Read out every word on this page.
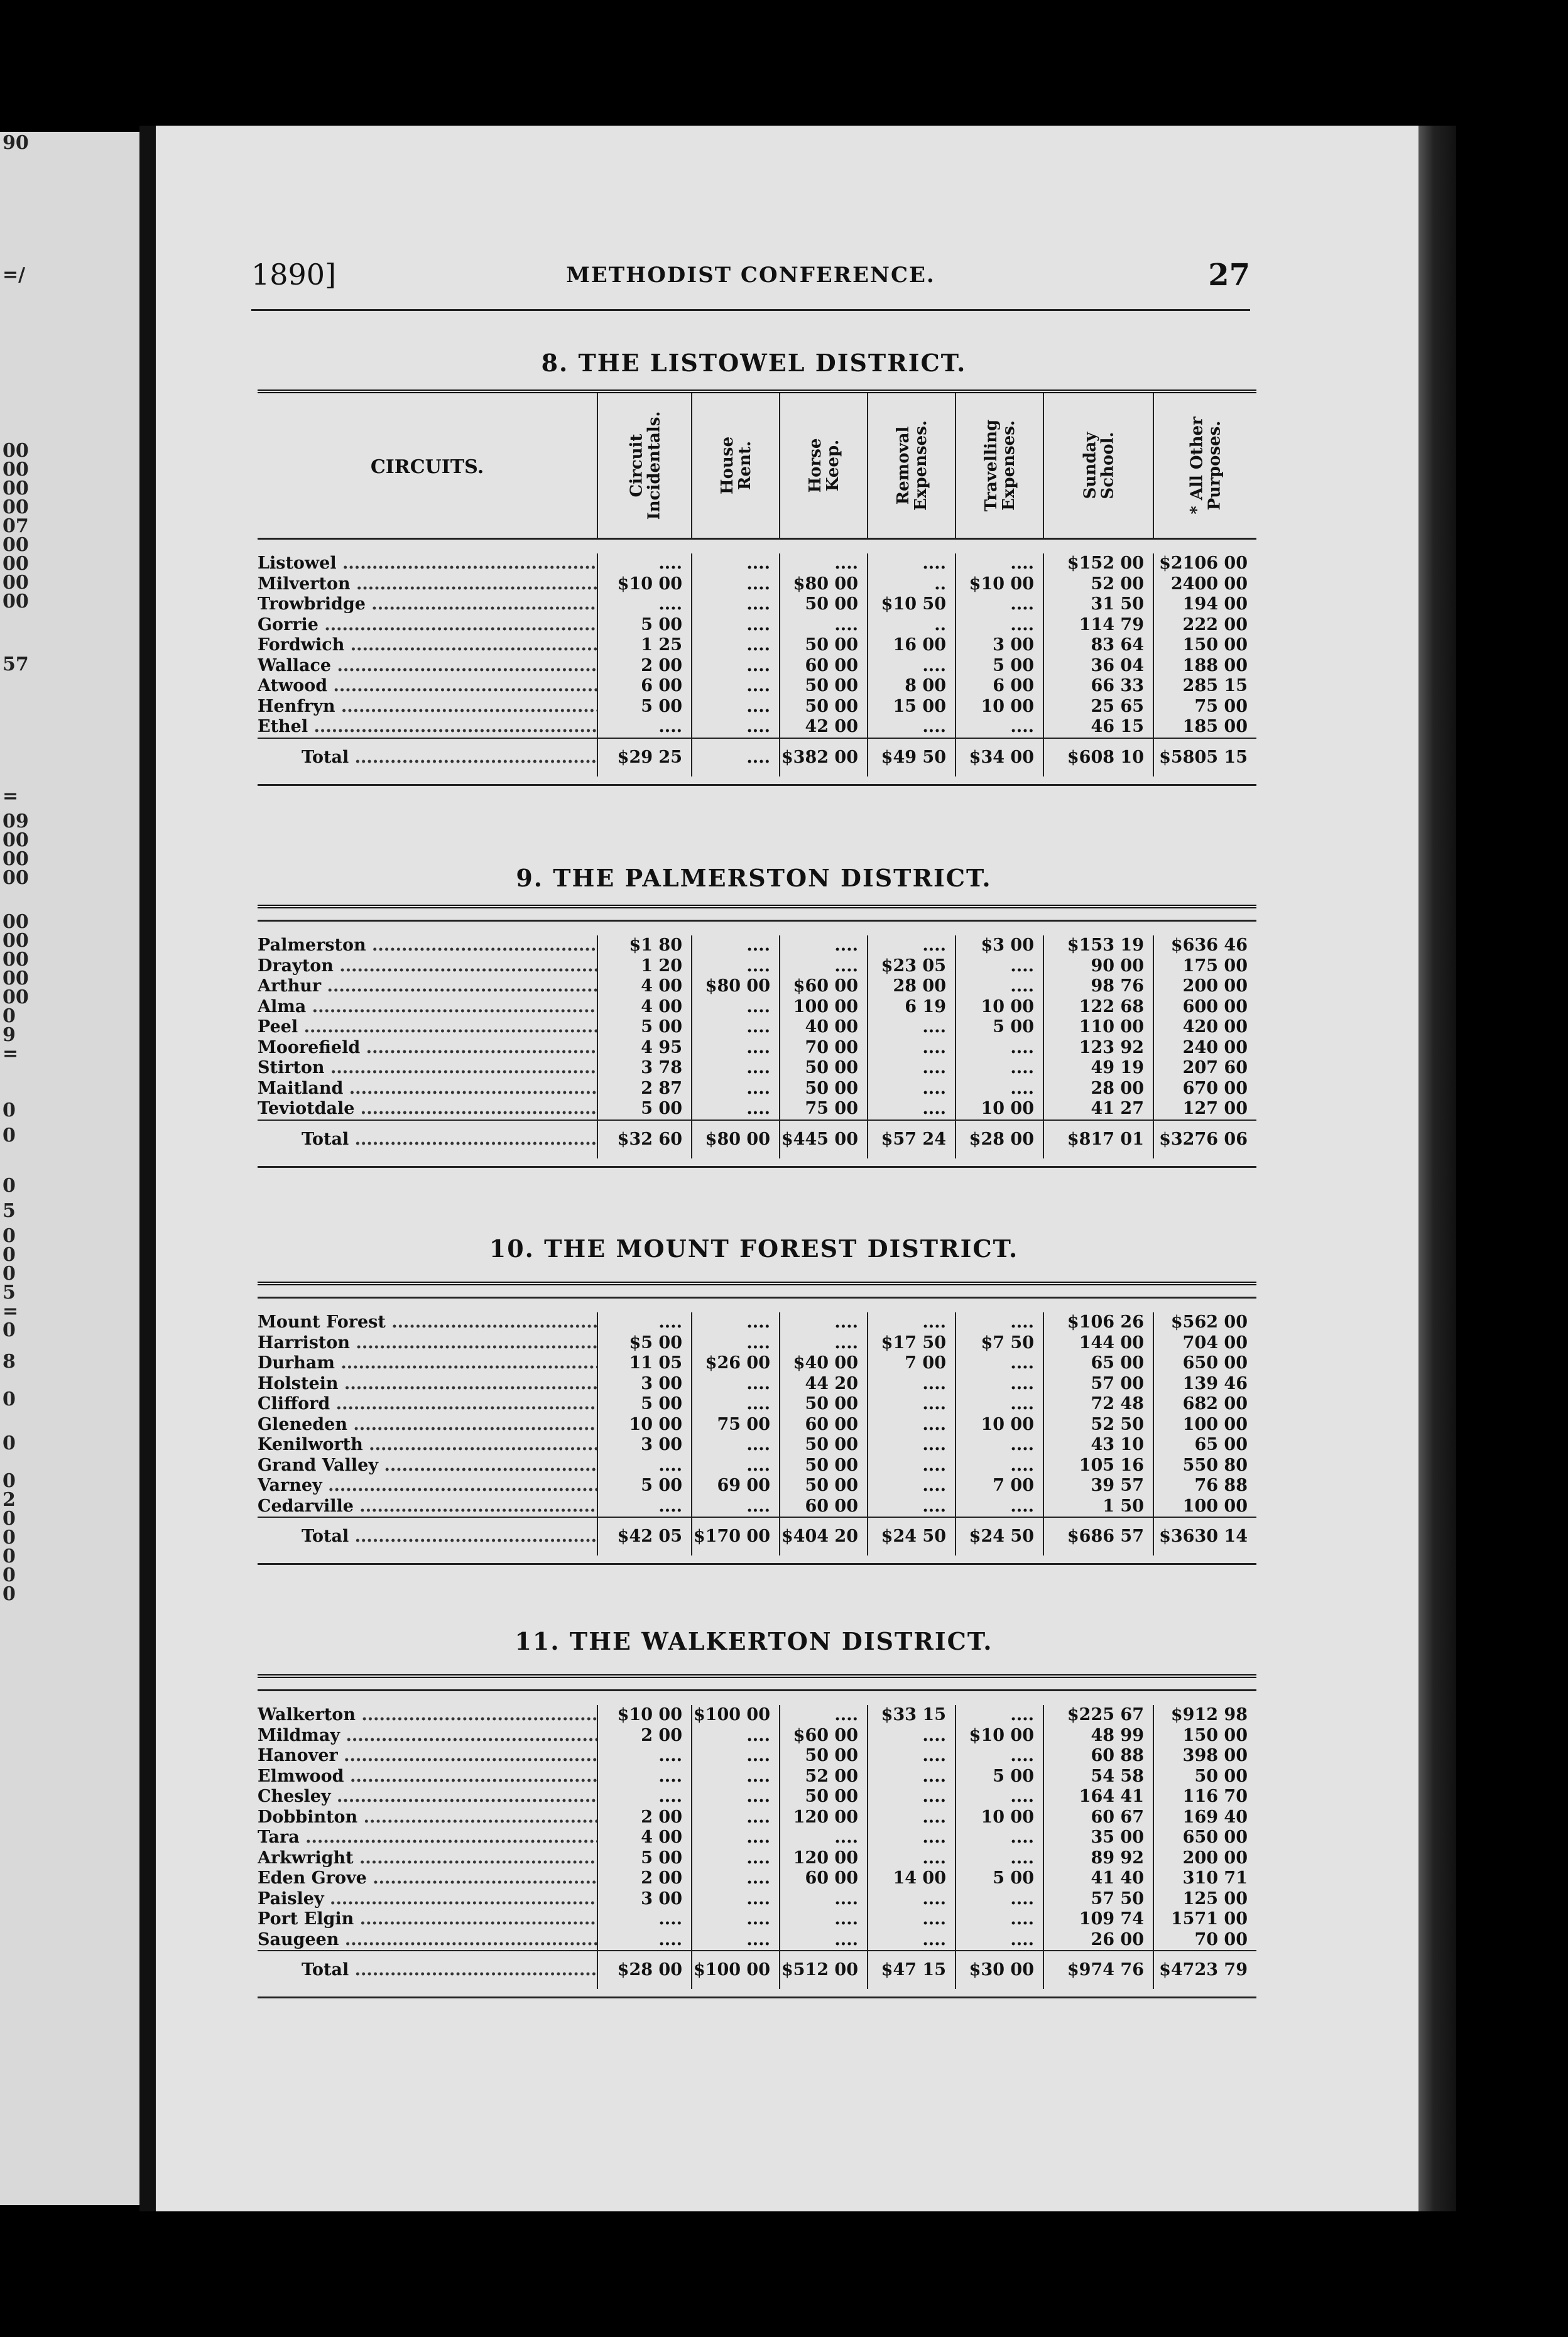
90
=/
00
00
00
00
07
00
00
00
00
57
=
09
00
00
00
00
00
00
00
00
0
9
=
0
0
0
5
0
0
0
5
=
0
8
0
0
0
2
0
0
0
0
0
1890]	METHODIST CONFERENCE.	27
8. THE LISTOWEL DISTRICT.
CIRCUITS.	Circuit
Incidentals.	House Rent.	Horse Keep.	Removal
Expenses.	Travelling
Expenses.	Sunday
School.
* All Other
Purposes.
Listowel .....	....	....	....	....	....	$152 00 $2106 00
Milverton .....	$10 00	....	$80 00	..	$10 00	52 00	2400 00
Trowbridge .....	....	....	50 00	$10 50	....	31 50	194 00
Gorrie .....	5 00	....	....	..	....	114 79	222 00
Fordwich .....	1 25	....	50 00	16 00	3 00	83 64	150 00
Wallace .....	2 00	....	60 00	....	5 00	36 04	188 00
Atwood .....	6 00	....	50 00	8 00	6 00	66 33	285 15
Henfryn .....	5 00	....	50 00	15 00	10 00	25 65	75 00
Ethel .....	....	....	42 00	....	....	46 15	185 00
Total .....	$29 25	.... $382 00	$49 50	$34 00	$608 10 $5805 15
9. THE PALMERSTON DISTRICT.
Palmerston .....	$1 80	....	....	....	$3 00	$153 19	$636 46
Drayton .....	1 20	....	....	$23 05	....	90 00	175 00
Arthur .....	4 00	$80 00	$60 00	28 00	....	98 76	200 00
Alma .....	4 00	....	100 00	6 19	10 00	122 68	600 00
Peel .....	5 00	....	40 00	....	5 00	110 00	420 00
Moorefield .....	4 95	....	70 00	....	....	123 92	240 00
Stirton .....	3 78	....	50 00	....	....	49 19	207 60
Maitland .....	2 87	....	50 00	....	....	28 00	670 00
Teviotdale .....	5 00	....	75 00	....	10 00	41 27	127 00
Total .....	$32 60	$80 00 $445 00	$57 24	$28 00	$817 01 $3276 06
10. THE MOUNT FOREST DISTRICT.
Mount Forest .....	....	....	....	....	....	$106 26	$562 00
Harriston .....	$5 00	....	....	$17 50	$7 50	144 00	704 00
Durham .....	11 05	$26 00	$40 00	7 00	....	65 00	650 00
Holstein .....	3 00	....	44 20	....	....	57 00	139 46
Clifford .....	5 00	....	50 00	....	....	72 48	682 00
Gleneden .....	10 00	75 00	60 00	....	10 00	52 50	100 00
Kenilworth .....	3 00	....	50 00	....	....	43 10	65 00
Grand Valley .....	....	....	50 00	....	....	105 16	550 80
Varney .....	5 00	69 00	50 00	....	7 00	39 57	76 88
Cedarville .....	....	....	60 00	....	....	1 50	100 00
Total .....	$42 05 $170 00 $404 20	$24 50	$24 50	$686 57 $3630 14
11. THE WALKERTON DISTRICT.
Walkerton .....	$10 00 $100 00	....	$33 15	....	$225 67	$912 98
Mildmay .....	2 00	....	$60 00	....	$10 00	48 99	150 00
Hanover .....	....	....	50 00	....	....	60 88	398 00
Elmwood .....	....	....	52 00	....	5 00	54 58	50 00
Chesley .....	....	....	50 00	....	....	164 41	116 70
Dobbinton .....	2 00	....	120 00	....	10 00	60 67	169 40
Tara .....	4 00	....	....	....	....	35 00	650 00
Arkwright .....	5 00	....	120 00	....	....	89 92	200 00
Eden Grove .....	2 00	....	60 00	14 00	5 00	41 40	310 71
Paisley .....	3 00	....	....	....	....	57 50	125 00
Port Elgin .....	....	....	....	....	....	109 74	1571 00
Saugeen .....	....	....	....	....	....	26 00	70 00
Total .....	$28 00 $100 00 $512 00	$47 15	$30 00	$974 76 $4723 79
